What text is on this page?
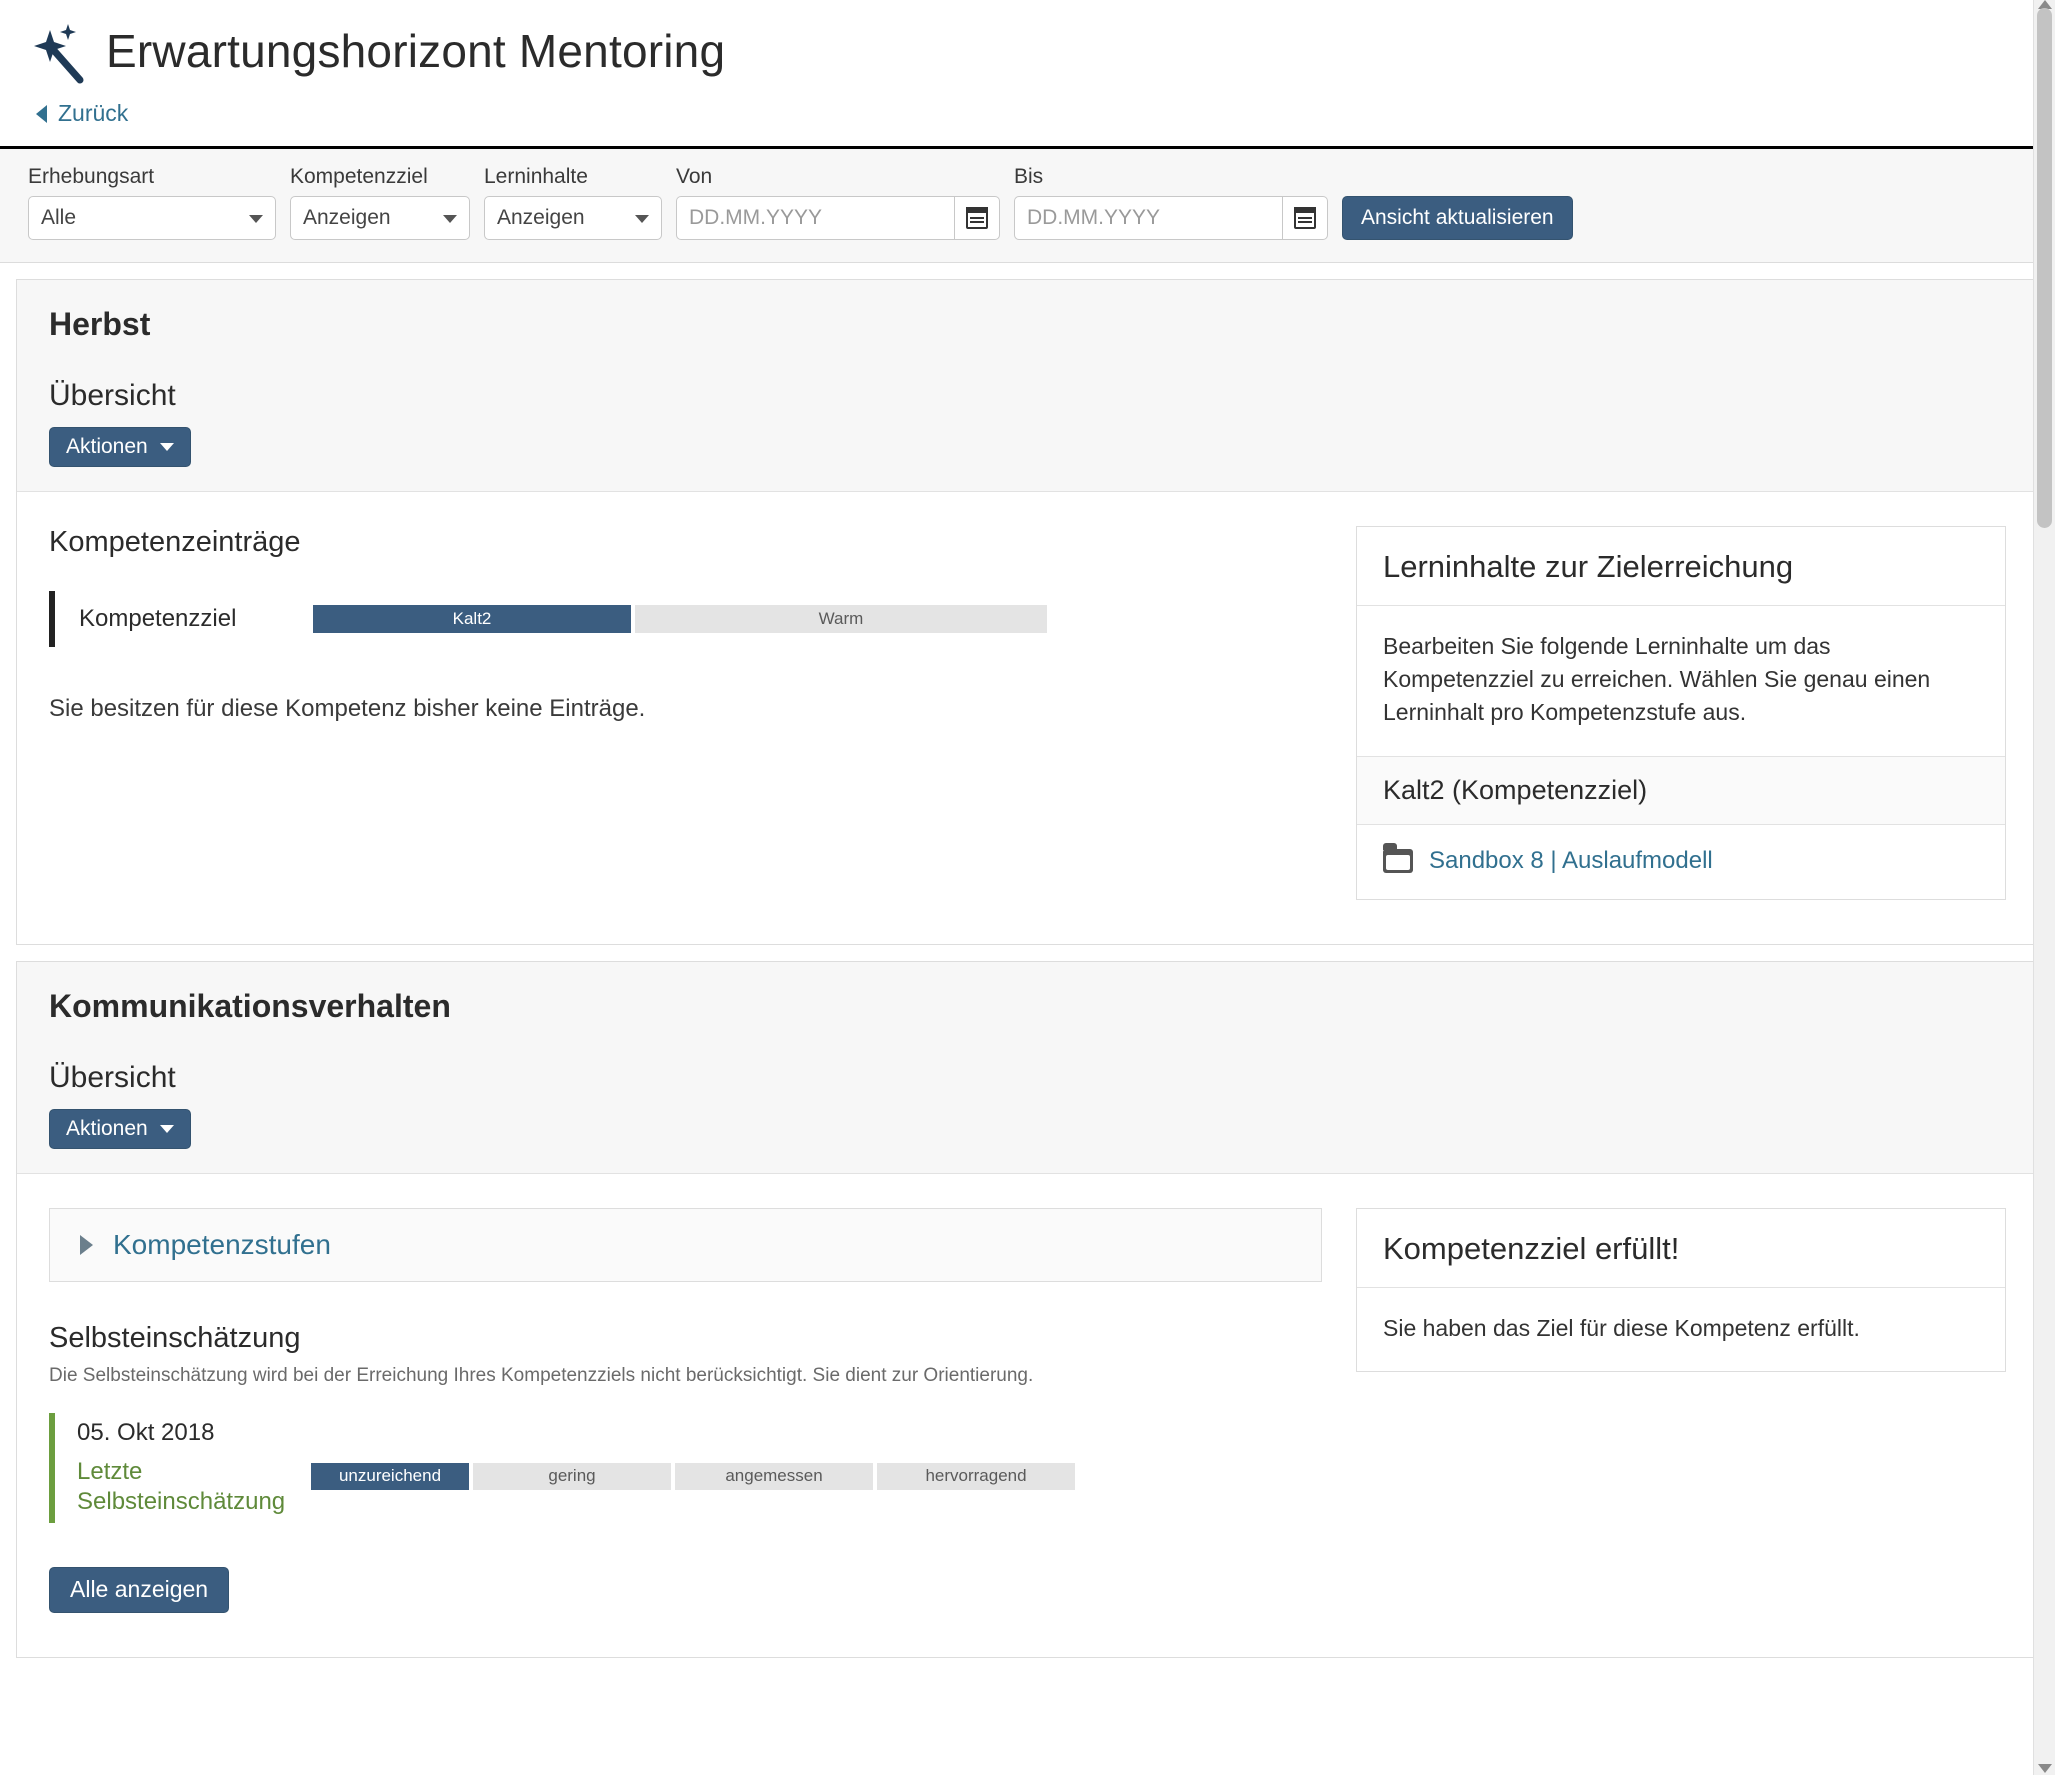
Erwartungshorizont Mentoring
Zurück
Erhebungsart
Alle	Kompetenzziel
Anzeigen	Lerninhalte
Anzeigen	Von
DD.MM.YYYY	Bis
DD.MM.YYYY
Ansicht aktualisieren
Herbst
Übersicht
Aktionen
Kompetenzeinträge
Kompetenzziel	Kalt2	Warm
Sie besitzen für diese Kompetenz bisher keine Einträge.
Lerninhalte zur Zielerreichung
Bearbeiten Sie folgende Lerninhalte um das Kompetenzziel zu erreichen. Wählen Sie genau einen Lerninhalt pro Kompetenzstufe aus.
Kalt2 (Kompetenzziel)
Sandbox 8 | Auslaufmodell
Kommunikationsverhalten
Übersicht
Aktionen
Kompetenzstufen
Selbsteinschätzung
Die Selbsteinschätzung wird bei der Erreichung Ihres Kompetenzziels nicht berücksichtigt. Sie dient zur Orientierung.
05. Okt 2018
Letzte Selbsteinschätzung
unzureichend	gering	angemessen	hervorragend
Alle anzeigen
Kompetenzziel erfüllt!
Sie haben das Ziel für diese Kompetenz erfüllt.
